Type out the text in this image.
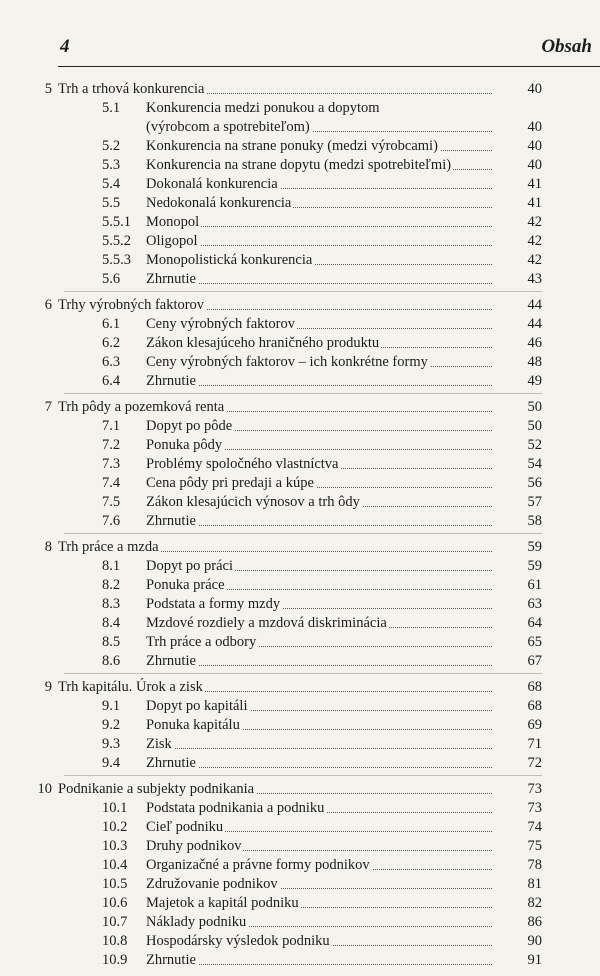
4	Obsah
5 Trh a trhová konkurencia	40
5.1 Konkurencia medzi ponukou a dopytom
(výrobcom a spotrebiteľom)	40
5.2 Konkurencia na strane ponuky (medzi výrobcami)	40
5.3 Konkurencia na strane dopytu (medzi spotrebiteľmi)	40
5.4 Dokonalá konkurencia	41
5.5 Nedokonalá konkurencia	41
5.5.1 Monopol	42
5.5.2 Oligopol	42
5.5.3 Monopolistická konkurencia	42
5.6 Zhrnutie	43
6 Trhy výrobných faktorov	44
6.1 Ceny výrobných faktorov	44
6.2 Zákon klesajúceho hraničného produktu	46
6.3 Ceny výrobných faktorov – ich konkrétne formy	48
6.4 Zhrnutie	49
7 Trh pôdy a pozemková renta	50
7.1 Dopyt po pôde	50
7.2 Ponuka pôdy	52
7.3 Problémy spoločného vlastníctva	54
7.4 Cena pôdy pri predaji a kúpe	56
7.5 Zákon klesajúcich výnosov a trh ôdy	57
7.6 Zhrnutie	58
8 Trh práce a mzda	59
8.1 Dopyt po práci	59
8.2 Ponuka práce	61
8.3 Podstata a formy mzdy	63
8.4 Mzdové rozdiely a mzdová diskriminácia	64
8.5 Trh práce a odbory	65
8.6 Zhrnutie	67
9 Trh kapitálu. Úrok a zisk	68
9.1 Dopyt po kapitáli	68
9.2 Ponuka kapitálu	69
9.3 Zisk	71
9.4 Zhrnutie	72
10 Podnikanie a subjekty podnikania	73
10.1 Podstata podnikania a podniku	73
10.2 Cieľ podniku	74
10.3 Druhy podnikov	75
10.4 Organizačné a právne formy podnikov	78
10.5 Združovanie podnikov	81
10.6 Majetok a kapitál podniku	82
10.7 Náklady podniku	86
10.8 Hospodársky výsledok podniku	90
10.9 Zhrnutie	91
